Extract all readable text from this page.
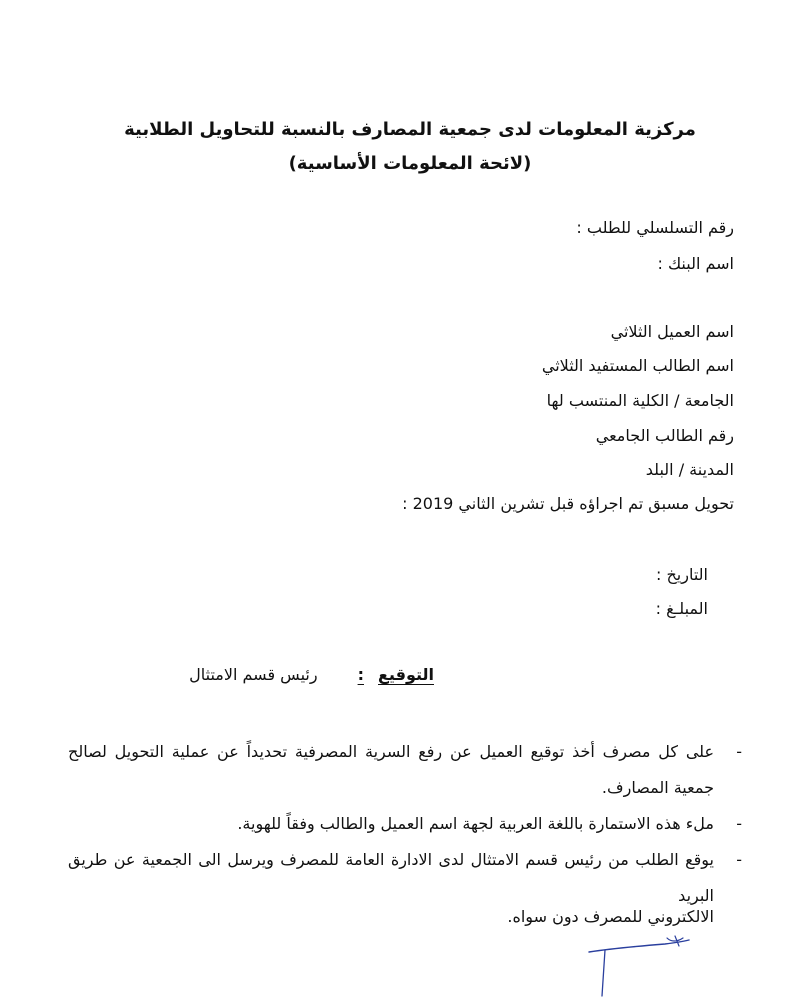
مركزية المعلومات لدى جمعية المصارف بالنسبة للتحاويل الطلابية
(لائحة المعلومات الأساسية)
رقم التسلسلي للطلب :
اسم البنك :
اسم العميل الثلاثي
اسم الطالب المستفيد الثلاثي
الجامعة / الكلية المنتسب لها
رقم الطالب الجامعي
المدينة / البلد
تحويل مسبق تم اجراؤه قبل تشرين الثاني 2019 :
التاريخ :
المبلـغ :
التوقيع:رئيس قسم الامتثال
-
على كل مصرف أخذ توقيع العميل عن رفع السرية المصرفية تحديداً عن عملية التحويل لصالح جمعية المصارف.
-
ملء هذه الاستمارة باللغة العربية لجهة اسم العميل والطالب وفقاً للهوية.
-
يوقع الطلب من رئيس قسم الامتثال لدى الادارة العامة للمصرف ويرسل الى الجمعية عن طريق البريد
الالكتروني للمصرف دون سواه.
